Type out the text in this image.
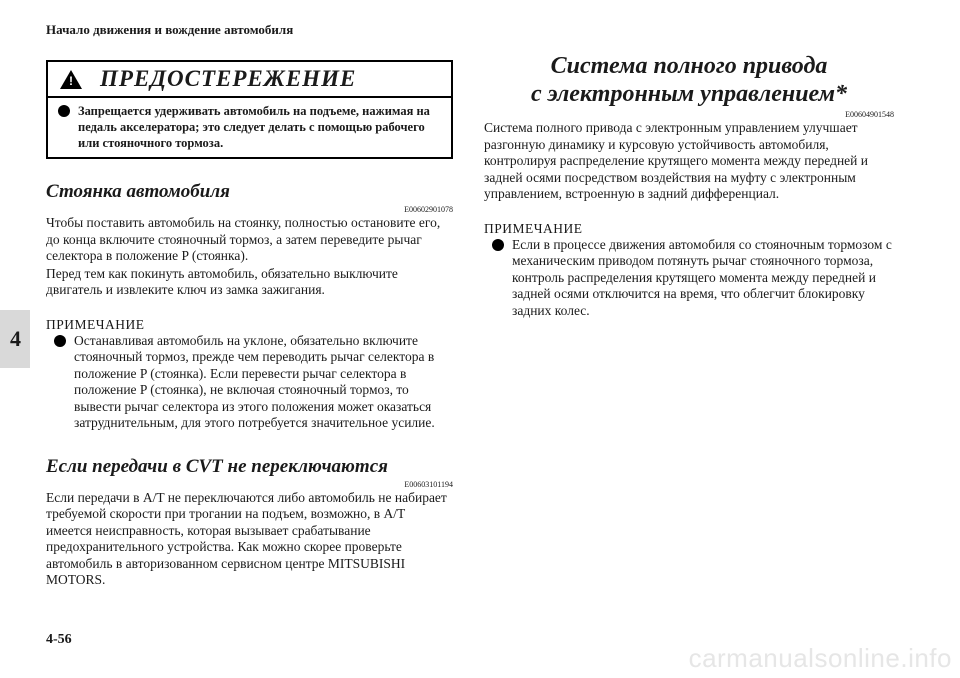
Начало движения и вождение автомобиля
4
! ПРЕДОСТЕРЕЖЕНИЕ
Запрещается удерживать автомобиль на подъеме, нажимая на педаль акселератора; это следует делать с помощью рабочего или стояночного тормоза.
Стоянка автомобиля
E00602901078
Чтобы поставить автомобиль на стоянку, полностью остановите его, до конца включите стояночный тормоз, а затем переведите рычаг селектора в положение P (стоянка).
Перед тем как покинуть автомобиль, обязательно выключите двигатель и извлеките ключ из замка зажигания.
ПРИМЕЧАНИЕ
Останавливая автомобиль на уклоне, обязательно включите стояночный тормоз, прежде чем переводить рычаг селектора в положение P (стоянка). Если перевести рычаг селектора в положение P (стоянка), не включая стояночный тормоз, то вывести рычаг селектора из этого положения может оказаться затруднительным, для этого потребуется значительное усилие.
Если передачи в CVT не переключаются
E00603101194
Если передачи в A/T не переключаются либо автомобиль не набирает требуемой скорости при трогании на подъем, возможно, в A/T имеется неисправность, которая вызывает срабатывание предохранительного устройства. Как можно скорее проверьте автомобиль в авторизованном сервисном центре MITSUBISHI MOTORS.
Система полного привода
с электронным управлением*
E00604901548
Система полного привода с электронным управлением улучшает разгонную динамику и курсовую устойчивость автомобиля, контролируя распределение крутящего момента между передней и задней осями посредством воздействия на муфту с электронным управлением, встроенную в задний дифференциал.
ПРИМЕЧАНИЕ
Если в процессе движения автомобиля со стояночным тормозом с механическим приводом потянуть рычаг стояночного тормоза, контроль распределения крутящего момента между передней и задней осями отключится на время, что облегчит блокировку задних колес.
4-56
carmanualsonline.info
